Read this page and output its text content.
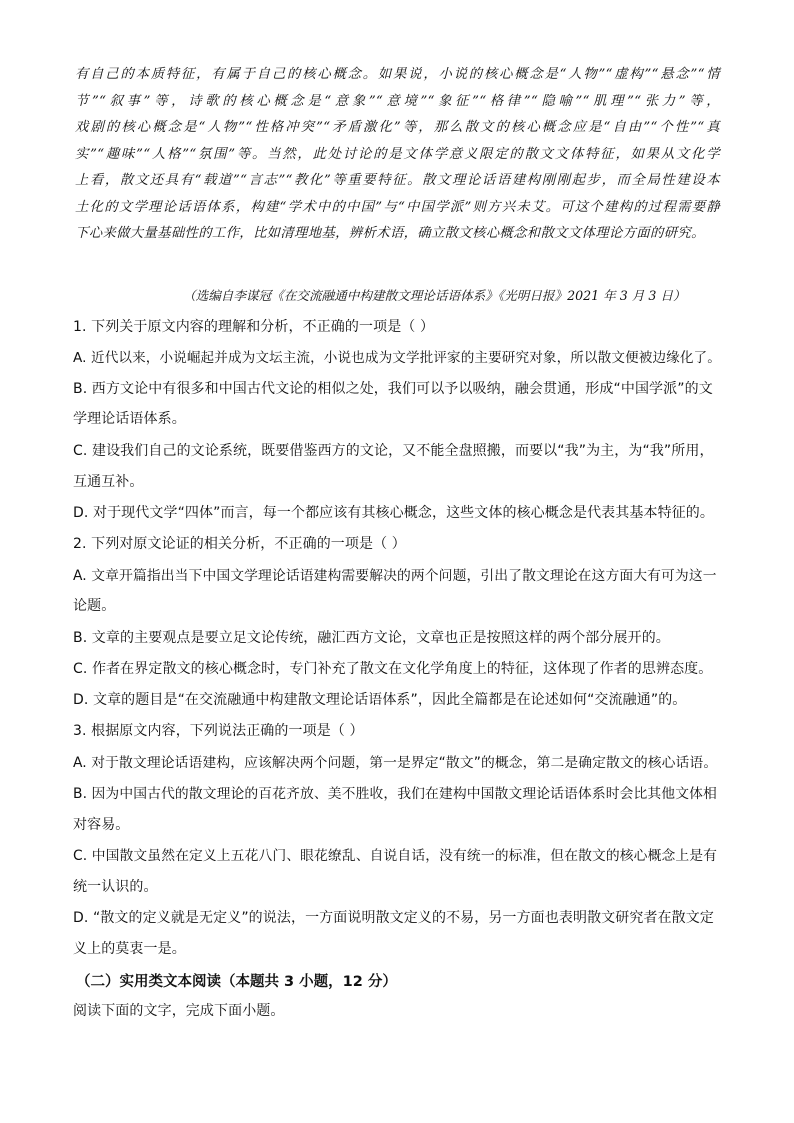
有自己的本质特征，有属于自己的核心概念。如果说，小说的核心概念是“人物”“虚构”“悬念”“情

节”“叙事”等，诗歌的核心概念是“意象”“意境”“象征”“格律”“隐喻”“肌理”“张力”等，

戏剧的核心概念是“人物”“性格冲突”“矛盾激化”等，那么散文的核心概念应是“自由”“个性”“真

实”“趣味”“人格”“氛围”等。当然，此处讨论的是文体学意义限定的散文文体特征，如果从文化学

上看，散文还具有“载道”“言志”“教化”等重要特征。散文理论话语建构刚刚起步，而全局性建设本

土化的文学理论话语体系，构建“学术中的中国”与“中国学派”则方兴未艾。可这个建构的过程需要静

下心来做大量基础性的工作，比如清理地基，辨析术语，确立散文核心概念和散文文体理论方面的研究。

（选编自李谋冠《在交流融通中构建散文理论话语体系》《光明日报》2021 年 3 月 3 日）
1. 下列关于原文内容的理解和分析，不正确的一项是（ ）
A. 近代以来，小说崛起并成为文坛主流，小说也成为文学批评家的主要研究对象，所以散文便被边缘化了。
B. 西方文论中有很多和中国古代文论的相似之处，我们可以予以吸纳，融会贯通，形成“中国学派”的文
学理论话语体系。
C. 建设我们自己的文论系统，既要借鉴西方的文论，又不能全盘照搬，而要以“我”为主，为“我”所用，
互通互补。
D. 对于现代文学“四体”而言，每一个都应该有其核心概念，这些文体的核心概念是代表其基本特征的。
2. 下列对原文论证的相关分析，不正确的一项是（ ）
A. 文章开篇指出当下中国文学理论话语建构需要解决的两个问题，引出了散文理论在这方面大有可为这一
论题。
B. 文章的主要观点是要立足文论传统，融汇西方文论，文章也正是按照这样的两个部分展开的。
C. 作者在界定散文的核心概念时，专门补充了散文在文化学角度上的特征，这体现了作者的思辨态度。
D. 文章的题目是“在交流融通中构建散文理论话语体系”，因此全篇都是在论述如何“交流融通”的。
3. 根据原文内容，下列说法正确的一项是（ ）
A. 对于散文理论话语建构，应该解决两个问题，第一是界定“散文”的概念，第二是确定散文的核心话语。
B. 因为中国古代的散文理论的百花齐放、美不胜收，我们在建构中国散文理论话语体系时会比其他文体相
对容易。
C. 中国散文虽然在定义上五花八门、眼花缭乱、自说自话，没有统一的标准，但在散文的核心概念上是有
统一认识的。
D. “散文的定义就是无定义”的说法，一方面说明散文定义的不易，另一方面也表明散文研究者在散文定
义上的莫衷一是。
（二）实用类文本阅读（本题共 3 小题，12 分）
阅读下面的文字，完成下面小题。
